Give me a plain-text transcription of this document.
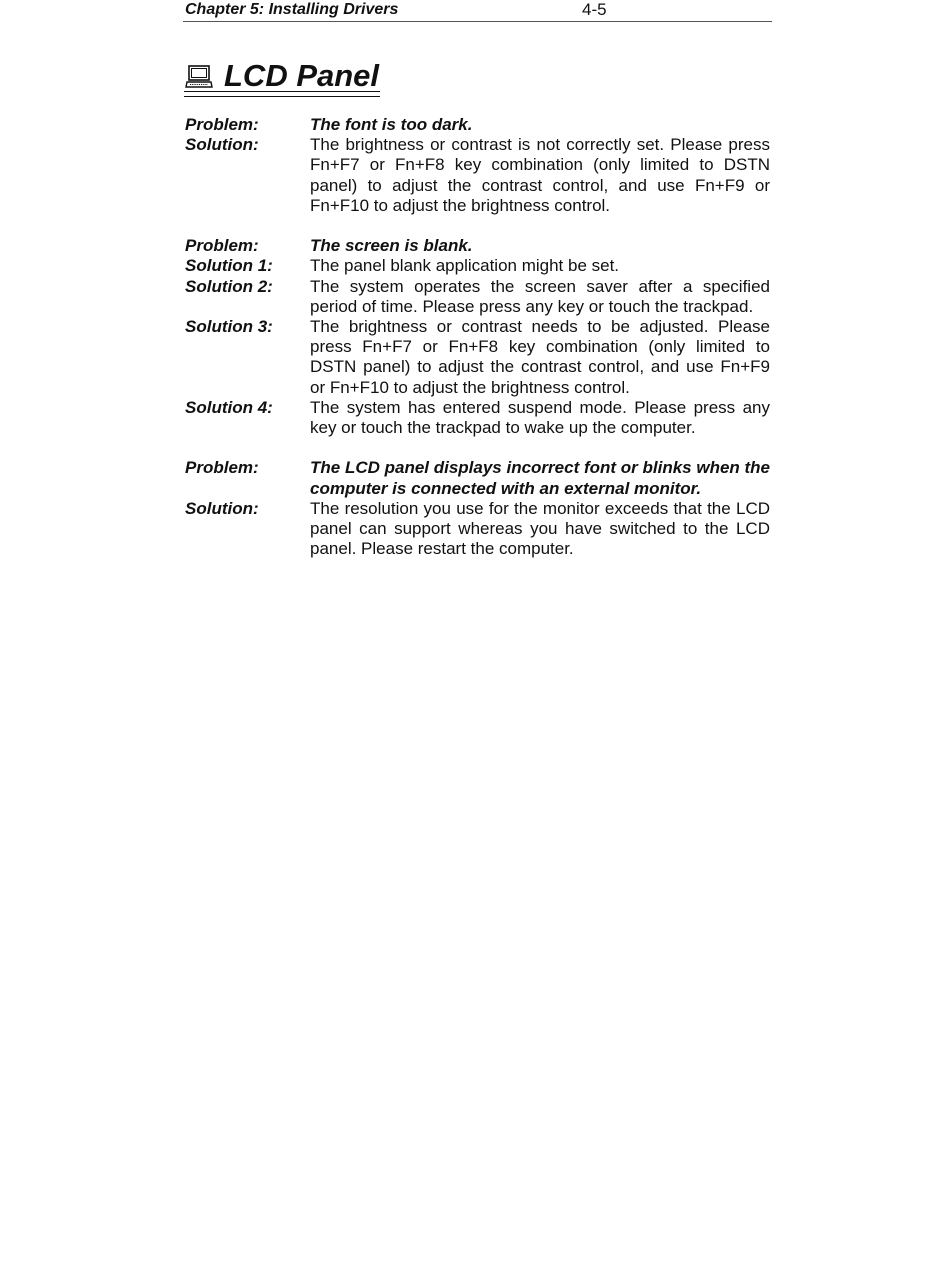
Chapter 5: Installing Drivers	4-5
LCD Panel
Problem:	The font is too dark.
Solution:	The brightness or contrast is not correctly set. Please press Fn+F7 or Fn+F8 key combination (only limited to DSTN panel) to adjust the contrast control, and use Fn+F9 or Fn+F10 to adjust the brightness control.
Problem:	The screen is blank.
Solution 1:	The panel blank application might be set.
Solution 2:	The system operates the screen saver after a specified period of time. Please press any key or touch the trackpad.
Solution 3:	The brightness or contrast needs to be adjusted. Please press Fn+F7 or Fn+F8 key combination (only limited to DSTN panel) to adjust the contrast control, and use Fn+F9 or Fn+F10 to adjust the brightness control.
Solution 4:	The system has entered suspend mode. Please press any key or touch the trackpad to wake up the computer.
Problem:	The LCD panel displays incorrect font or blinks when the computer is connected with an external monitor.
Solution:	The resolution you use for the monitor exceeds that the LCD panel can support whereas you have switched to the LCD panel. Please restart the computer.
